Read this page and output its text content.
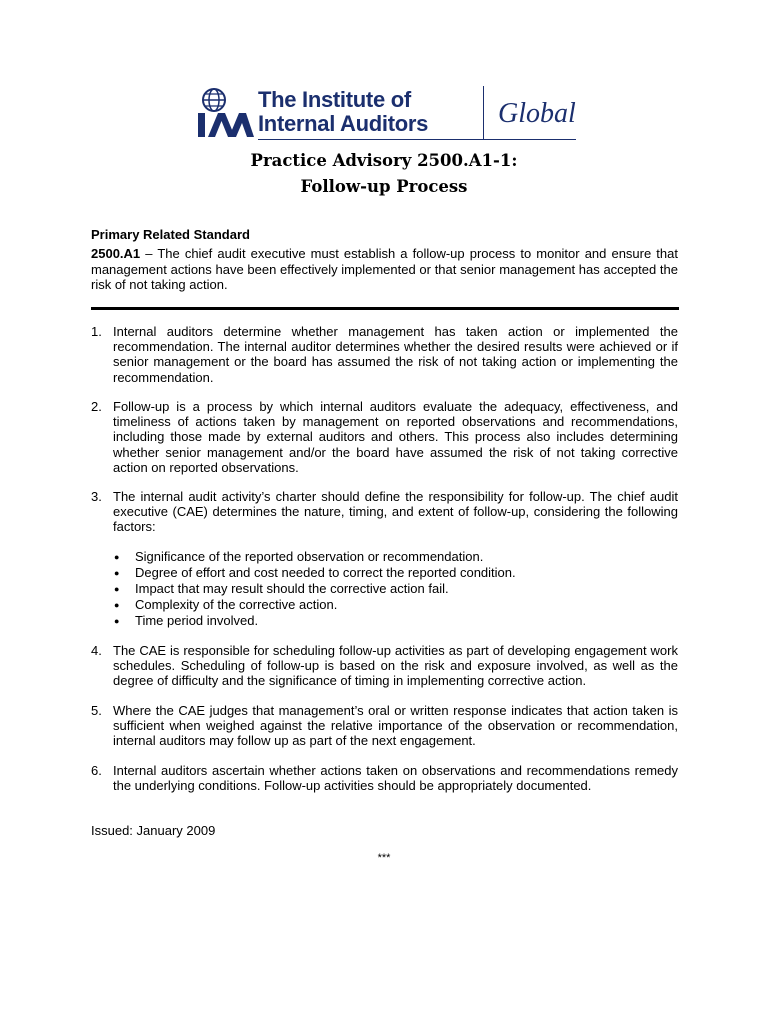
The Institute of
Internal Auditors Global
Practice Advisory 2500.A1-1:
Follow-up Process
Primary Related Standard
2500.A1 – The chief audit executive must establish a follow-up process to monitor and ensure that management actions have been effectively implemented or that senior management has accepted the risk of not taking action.
1. Internal auditors determine whether management has taken action or implemented the recommendation. The internal auditor determines whether the desired results were achieved or if senior management or the board has assumed the risk of not taking action or implementing the recommendation.
2. Follow-up is a process by which internal auditors evaluate the adequacy, effectiveness, and timeliness of actions taken by management on reported observations and recommendations, including those made by external auditors and others. This process also includes determining whether senior management and/or the board have assumed the risk of not taking corrective action on reported observations.
3. The internal audit activity’s charter should define the responsibility for follow-up. The chief audit executive (CAE) determines the nature, timing, and extent of follow-up, considering the following factors:
● Significance of the reported observation or recommendation.
● Degree of effort and cost needed to correct the reported condition.
● Impact that may result should the corrective action fail.
● Complexity of the corrective action.
● Time period involved.
4. The CAE is responsible for scheduling follow-up activities as part of developing engagement work schedules. Scheduling of follow-up is based on the risk and exposure involved, as well as the degree of difficulty and the significance of timing in implementing corrective action.
5. Where the CAE judges that management’s oral or written response indicates that action taken is sufficient when weighed against the relative importance of the observation or recommendation, internal auditors may follow up as part of the next engagement.
6. Internal auditors ascertain whether actions taken on observations and recommendations remedy the underlying conditions. Follow-up activities should be appropriately documented.
Issued: January 2009
***
